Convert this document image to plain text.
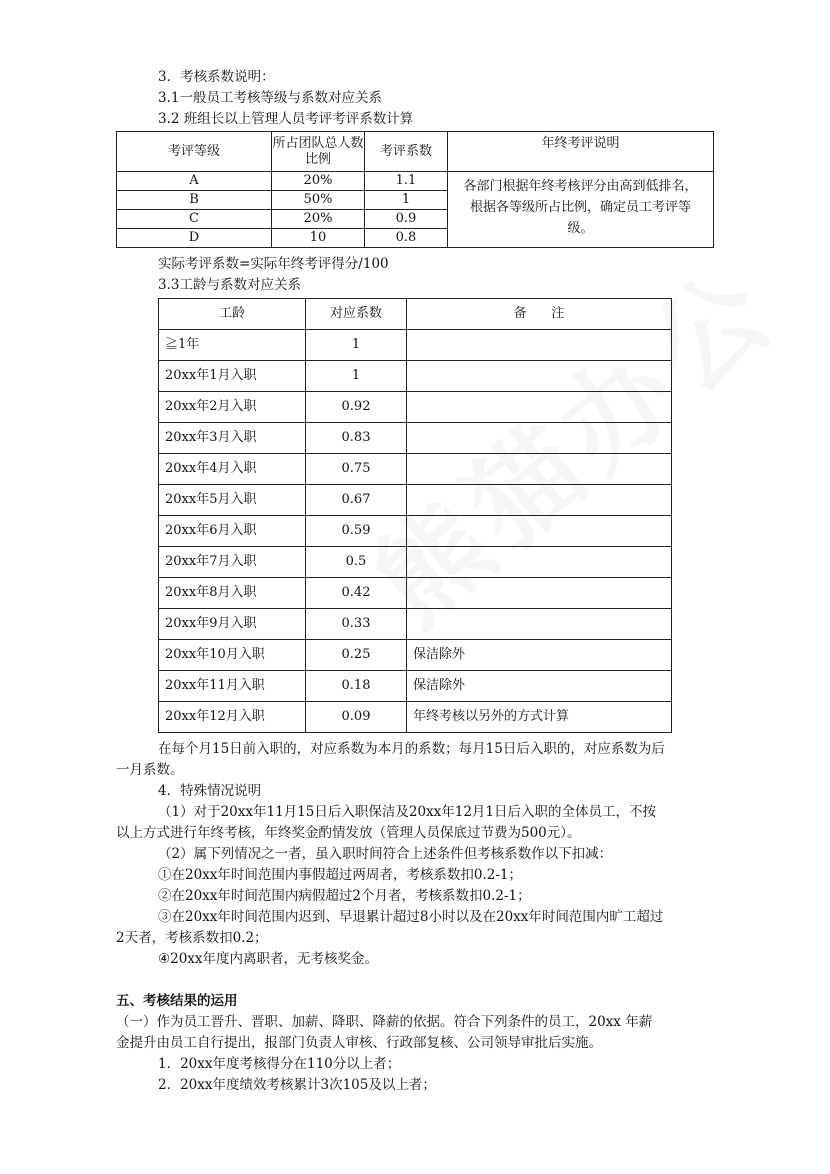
3．考核系数说明：
3.1一般员工考核等级与系数对应关系
3.2 班组长以上管理人员考评考评系数计算
考评等级	所占团队总人数比例	考评系数	年终考评说明
A	20%	1.1	各部门根据年终考核评分由高到低排名，根据各等级所占比例，确定员工考评等级。
B	50%	1	
C	20%	0.9	
D	10	0.8	
实际考评系数=实际年终考评得分/100
3.3工龄与系数对应关系
工龄	对应系数	备      注
≧1年	1	
20xx年1月入职	1	
20xx年2月入职	0.92	
20xx年3月入职	0.83	
20xx年4月入职	0.75	
20xx年5月入职	0.67	
20xx年6月入职	0.59	
20xx年7月入职	0.5	
20xx年8月入职	0.42	
20xx年9月入职	0.33	
20xx年10月入职	0.25	保洁除外
20xx年11月入职	0.18	保洁除外
20xx年12月入职	0.09	年终考核以另外的方式计算
在每个月15日前入职的，对应系数为本月的系数；每月15日后入职的，对应系数为后
一月系数。
4．特殊情况说明
（1）对于20xx年11月15日后入职保洁及20xx年12月1日后入职的全体员工，不按
以上方式进行年终考核，年终奖金酌情发放（管理人员保底过节费为500元）。
（2）属下列情况之一者，虽入职时间符合上述条件但考核系数作以下扣减：
①在20xx年时间范围内事假超过两周者，考核系数扣0.2-1；
②在20xx年时间范围内病假超过2个月者，考核系数扣0.2-1；
③在20xx年时间范围内迟到、早退累计超过8小时以及在20xx年时间范围内旷工超过
2天者，考核系数扣0.2；
④20xx年度内离职者，无考核奖金。
五、考核结果的运用
（一）作为员工晋升、晋职、加薪、降职、降薪的依据。符合下列条件的员工，20xx 年薪
金提升由员工自行提出，报部门负责人审核、行政部复核、公司领导审批后实施。
1．20xx年度考核得分在110分以上者；
2．20xx年度绩效考核累计3次105及以上者；
